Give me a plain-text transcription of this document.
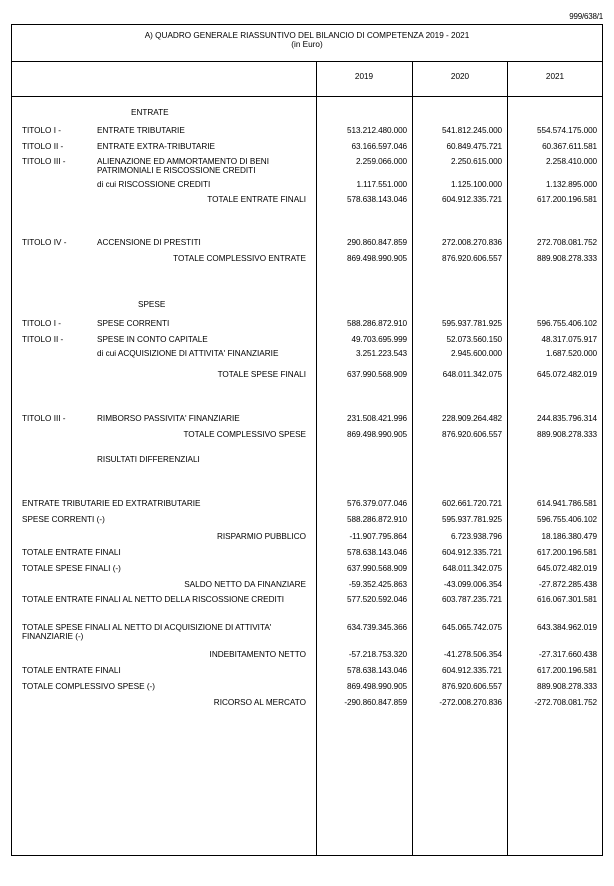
999/638/1
A) QUADRO GENERALE RIASSUNTIVO DEL BILANCIO DI COMPETENZA 2019 - 2021
(in Euro)
2019	2020	2021
ENTRATE
SPESE
RISULTATI DIFFERENZIALI
TITOLO I -	ENTRATE TRIBUTARIE	513.212.480.000	541.812.245.000	554.574.175.000
TITOLO II -	ENTRATE EXTRA-TRIBUTARIE	63.166.597.046	60.849.475.721	60.367.611.581
TITOLO III -	ALIENAZIONE ED AMMORTAMENTO DI BENI PATRIMONIALI E RISCOSSIONE CREDITI
2.259.066.000	2.250.615.000	2.258.410.000
di cui RISCOSSIONE CREDITI	1.117.551.000	1.125.100.000	1.132.895.000
TOTALE ENTRATE FINALI	578.638.143.046	604.912.335.721	617.200.196.581
TITOLO IV -	ACCENSIONE DI PRESTITI	290.860.847.859	272.008.270.836	272.708.081.752
TOTALE COMPLESSIVO ENTRATE	869.498.990.905	876.920.606.557	889.908.278.333
TITOLO I -	SPESE CORRENTI	588.286.872.910	595.937.781.925	596.755.406.102
TITOLO II -	SPESE IN CONTO CAPITALE	49.703.695.999	52.073.560.150	48.317.075.917
di cui ACQUISIZIONE DI ATTIVITA' FINANZIARIE	3.251.223.543	2.945.600.000	1.687.520.000
TOTALE SPESE FINALI	637.990.568.909	648.011.342.075	645.072.482.019
TITOLO III -	RIMBORSO PASSIVITA' FINANZIARIE	231.508.421.996	228.909.264.482	244.835.796.314
TOTALE COMPLESSIVO SPESE	869.498.990.905	876.920.606.557	889.908.278.333
ENTRATE TRIBUTARIE ED EXTRATRIBUTARIE	576.379.077.046	602.661.720.721	614.941.786.581
SPESE CORRENTI (-)	588.286.872.910	595.937.781.925	596.755.406.102
RISPARMIO PUBBLICO	-11.907.795.864	6.723.938.796	18.186.380.479
TOTALE ENTRATE FINALI	578.638.143.046	604.912.335.721	617.200.196.581
TOTALE SPESE FINALI (-)	637.990.568.909	648.011.342.075	645.072.482.019
SALDO NETTO DA FINANZIARE	-59.352.425.863	-43.099.006.354	-27.872.285.438
TOTALE ENTRATE FINALI AL NETTO DELLA RISCOSSIONE CREDITI	577.520.592.046	603.787.235.721	616.067.301.581
TOTALE SPESE FINALI AL NETTO DI ACQUISIZIONE DI ATTIVITA' FINANZIARIE (-)
634.739.345.366	645.065.742.075	643.384.962.019
INDEBITAMENTO NETTO	-57.218.753.320	-41.278.506.354	-27.317.660.438
TOTALE ENTRATE FINALI	578.638.143.046	604.912.335.721	617.200.196.581
TOTALE COMPLESSIVO SPESE (-)	869.498.990.905	876.920.606.557	889.908.278.333
RICORSO AL MERCATO	-290.860.847.859	-272.008.270.836	-272.708.081.752
